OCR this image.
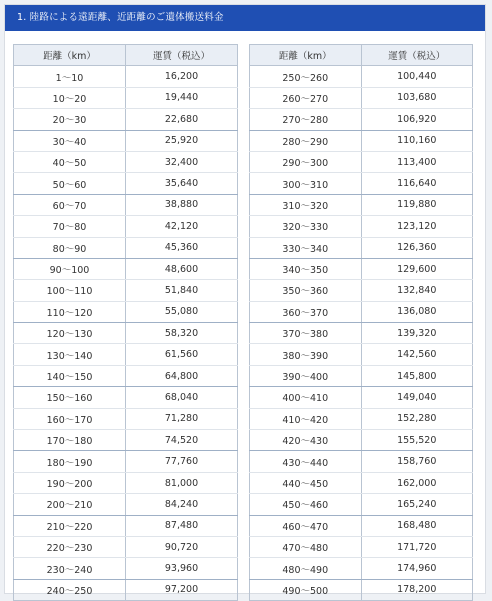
1. 陸路による遠距離、近距離のご遺体搬送料金
距離（km）	運賃（税込）
1～10	16,200
10～20	19,440
20～30	22,680
30～40	25,920
40～50	32,400
50～60	35,640
60～70	38,880
70～80	42,120
80～90	45,360
90～100	48,600
100～110	51,840
110～120	55,080
120～130	58,320
130～140	61,560
140～150	64,800
150～160	68,040
160～170	71,280
170～180	74,520
180～190	77,760
190～200	81,000
200～210	84,240
210～220	87,480
220～230	90,720
230～240	93,960
240～250	97,200
距離（km）	運賃（税込）
250～260	100,440
260～270	103,680
270～280	106,920
280～290	110,160
290～300	113,400
300～310	116,640
310～320	119,880
320～330	123,120
330～340	126,360
340～350	129,600
350～360	132,840
360～370	136,080
370～380	139,320
380～390	142,560
390～400	145,800
400～410	149,040
410～420	152,280
420～430	155,520
430～440	158,760
440～450	162,000
450～460	165,240
460～470	168,480
470～480	171,720
480～490	174,960
490～500	178,200
